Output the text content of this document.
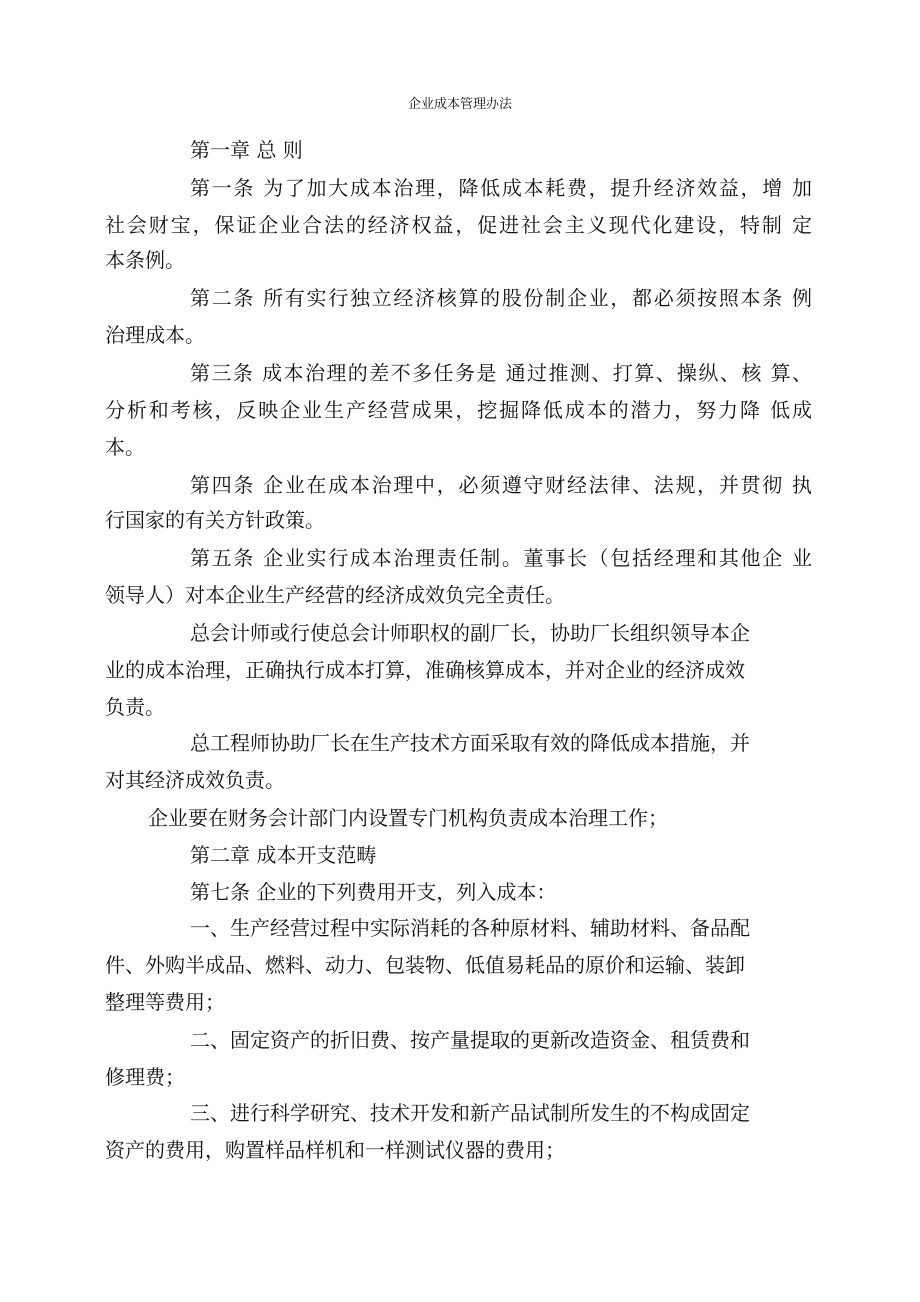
企业成本管理办法
第一章 总 则
第一条 为了加大成本治理，降低成本耗费，提升经济效益，增 加
社会财宝，保证企业合法的经济权益，促进社会主义现代化建设，特制 定
本条例。
第二条 所有实行独立经济核算的股份制企业，都必须按照本条 例
治理成本。
第三条 成本治理的差不多任务是 通过推测、打算、操纵、核 算、
分析和考核，反映企业生产经营成果，挖掘降低成本的潜力，努力降 低成
本。
第四条 企业在成本治理中，必须遵守财经法律、法规，并贯彻 执
行国家的有关方针政策。
第五条 企业实行成本治理责任制。董事长（包括经理和其他企 业
领导人）对本企业生产经营的经济成效负完全责任。
总会计师或行使总会计师职权的副厂长，协助厂长组织领导本企
业的成本治理，正确执行成本打算，准确核算成本，并对企业的经济成效
负责。
总工程师协助厂长在生产技术方面采取有效的降低成本措施，并
对其经济成效负责。
企业要在财务会计部门内设置专门机构负责成本治理工作；
第二章 成本开支范畴
第七条 企业的下列费用开支，列入成本：
一、生产经营过程中实际消耗的各种原材料、辅助材料、备品配
件、外购半成品、燃料、动力、包装物、低值易耗品的原价和运输、装卸
整理等费用；
二、固定资产的折旧费、按产量提取的更新改造资金、租赁费和
修理费；
三、进行科学研究、技术开发和新产品试制所发生的不构成固定
资产的费用，购置样品样机和一样测试仪器的费用；
